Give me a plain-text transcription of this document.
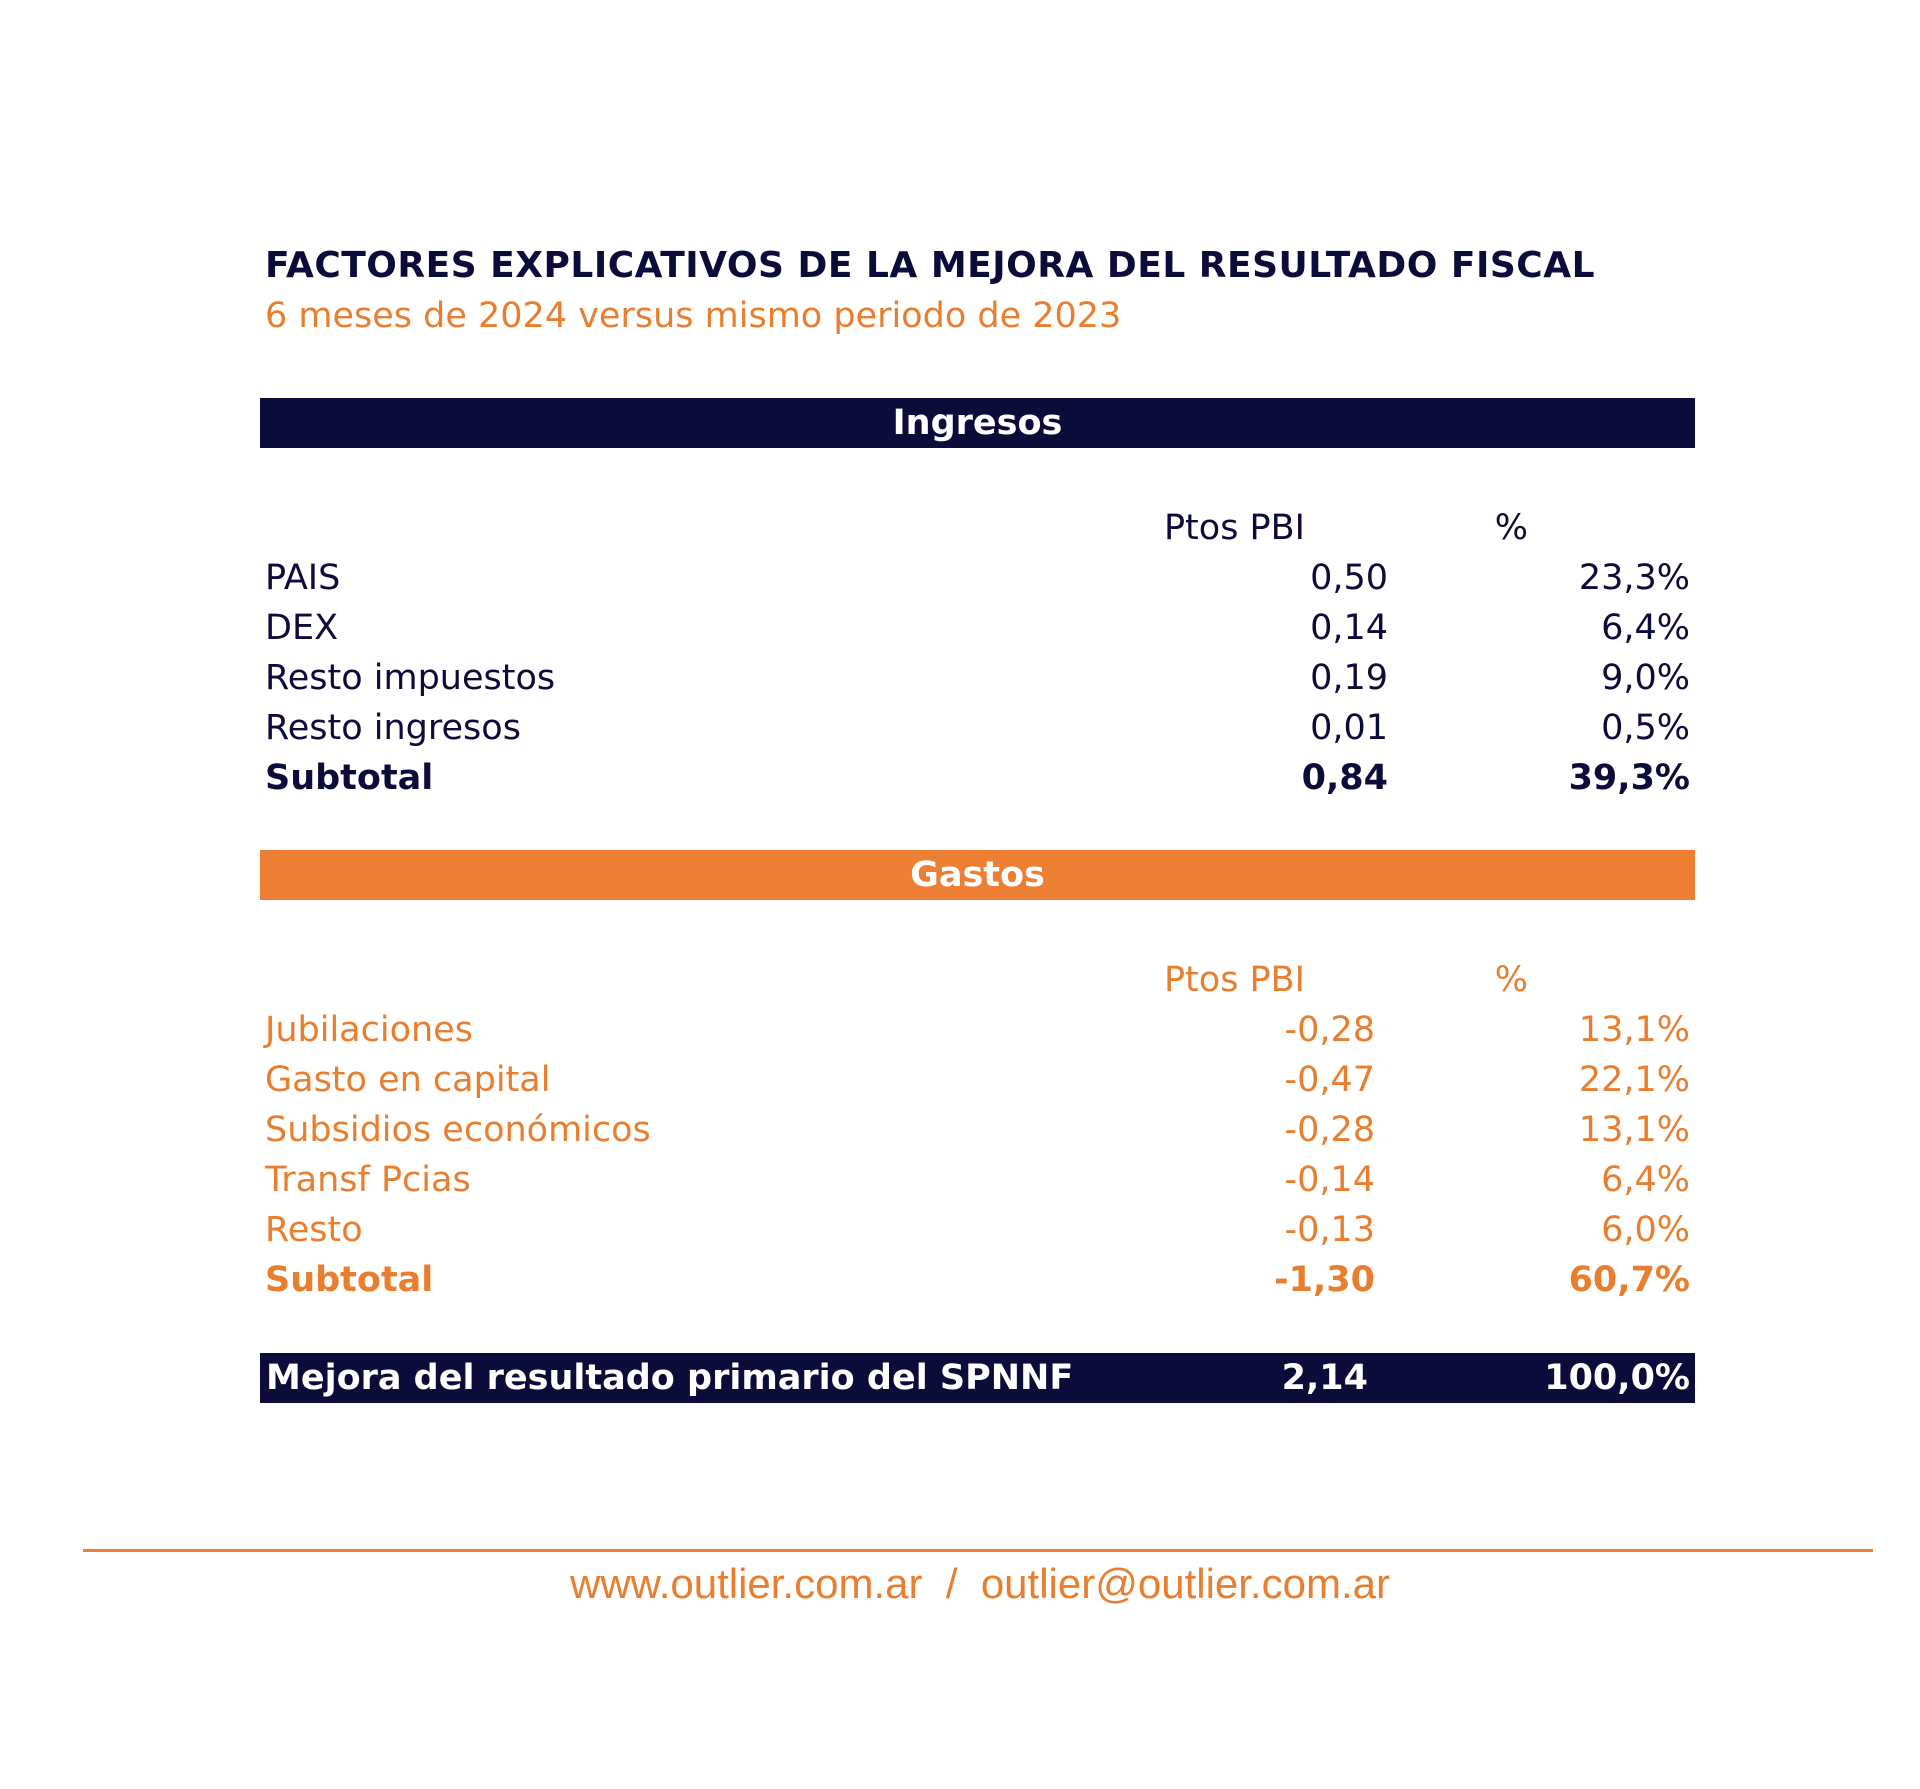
FACTORES EXPLICATIVOS DE LA MEJORA DEL RESULTADO FISCAL
6 meses de 2024 versus mismo periodo de 2023
Ingresos
Ptos PBI	%
PAIS	0,50	23,3%
DEX	0,14	6,4%
Resto impuestos	0,19	9,0%
Resto ingresos	0,01	0,5%
Subtotal	0,84	39,3%
Gastos
Ptos PBI	%
Jubilaciones	-0,28	13,1%
Gasto en capital	-0,47	22,1%
Subsidios económicos	-0,28	13,1%
Transf Pcias	-0,14	6,4%
Resto	-0,13	6,0%
Subtotal	-1,30	60,7%
Mejora del resultado primario del SPNNF	2,14	100,0%
www.outlier.com.ar / outlier@outlier.com.ar
